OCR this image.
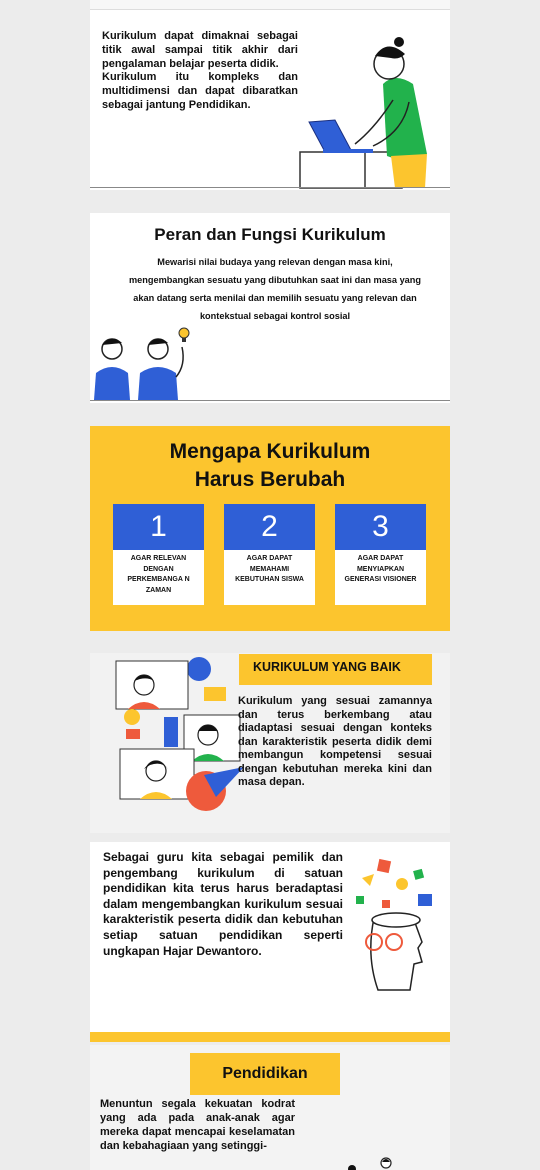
Kurikulum dapat dimaknai sebagai titik awal sampai titik akhir dari pengalaman belajar peserta didik.

Kurikulum itu kompleks dan multidimensi dan dapat dibaratkan sebagai jantung Pendidikan.

Peran dan Fungsi Kurikulum

Mewarisi nilai budaya yang relevan dengan masa kini, mengembangkan sesuatu yang dibutuhkan saat ini dan masa yang akan datang serta menilai dan memilih sesuatu yang relevan dan kontekstual sebagai kontrol sosial

Mengapa Kurikulum
Harus Berubah
1
AGAR RELEVAN DENGAN PERKEMBANGA N ZAMAN
2
AGAR DAPAT MEMAHAMI KEBUTUHAN SISWA
3
AGAR DAPAT MENYIAPKAN GENERASI VISIONER
KURIKULUM YANG BAIK

Kurikulum yang sesuai zamannya dan terus berkembang atau diadaptasi sesuai dengan konteks dan karakteristik peserta didik demi membangun kompetensi sesuai dengan kebutuhan mereka kini dan masa depan.

Sebagai guru kita sebagai pemilik dan pengembang kurikulum di satuan pendidikan kita terus harus beradaptasi dalam mengembangkan kurikulum sesuai karakteristik peserta didik dan kebutuhan setiap satuan pendidikan seperti ungkapan Hajar Dewantoro.

Pendidikan

Menuntun segala kekuatan kodrat yang ada pada anak-anak agar mereka dapat mencapai keselamatan dan kebahagiaan yang setinggi-
